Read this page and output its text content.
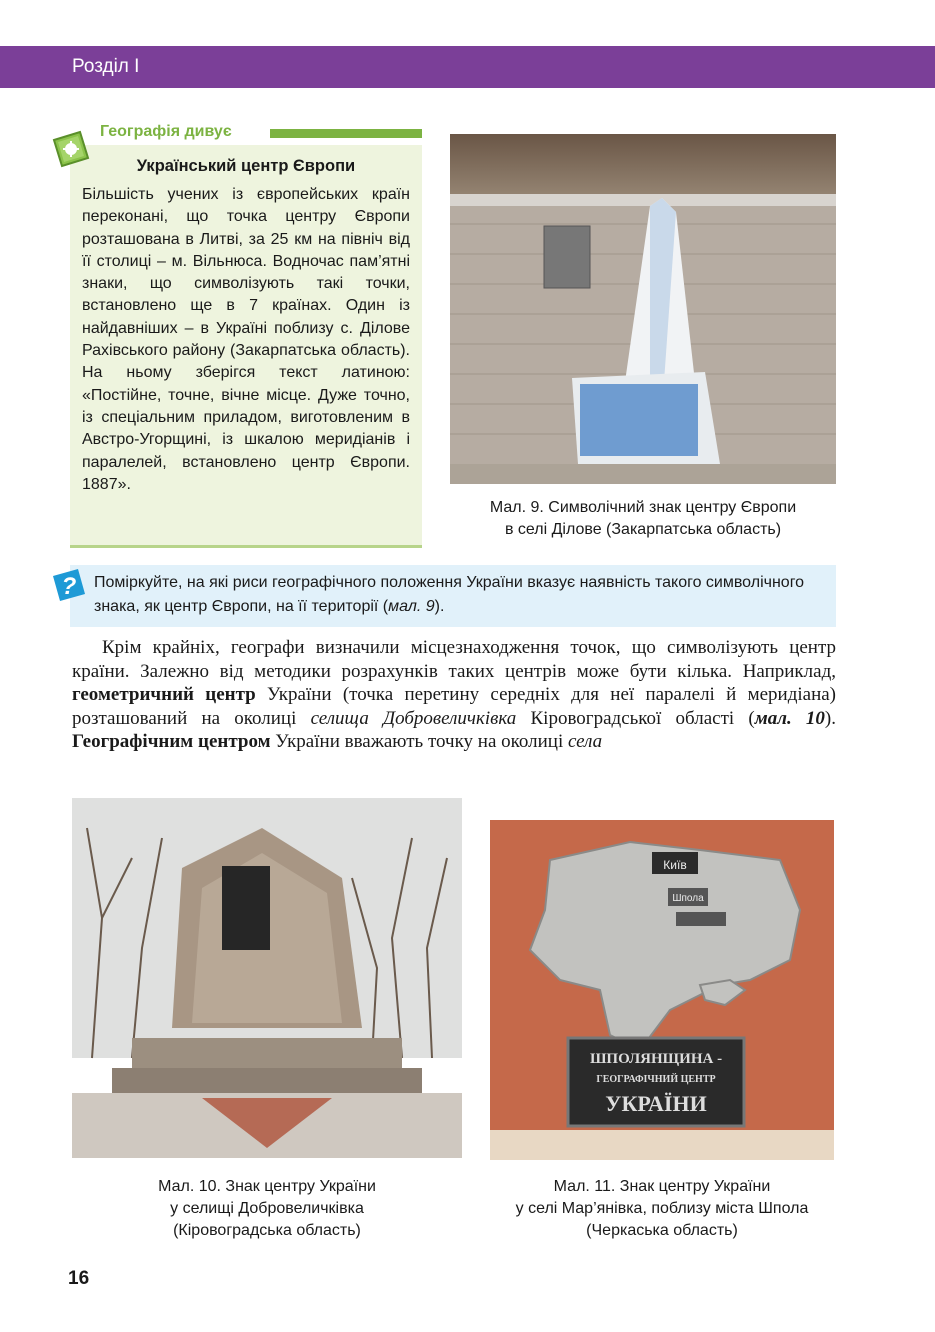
Розділ І
Географія дивує
Український центр Європи
Більшість учених із європейських країн переконані, що точка центру Європи розташована в Литві, за 25 км на північ від її столиці – м. Вільнюса. Водночас пам’ятні знаки, що символізують такі точки, встановлено ще в 7 країнах. Один із найдавніших – в Україні поблизу с. Ділове Рахівського району (Закарпатська область). На ньому зберігся текст латиною: «Постійне, точне, вічне місце. Дуже точно, із спеціальним приладом, виготовленим в Австро-Угорщині, із шкалою меридіанів і паралелей, встановлено центр Європи. 1887».
Мал. 9. Символічний знак центру Європи
в селі Ділове (Закарпатська область)
? Поміркуйте, на які риси географічного положення України вказує наявність такого символічного знака, як центр Європи, на її території (мал. 9).
Крім крайніх, географи визначили місцезнаходження точок, що символізують центр країни. Залежно від методики розрахунків таких центрів може бути кілька. Наприклад, геометричний центр України (точка перетину середніх для неї паралелі й меридіана) розташований на околиці селища Добровеличківка Кіровоградської області (мал. 10). Географічним центром України вважають точку на околиці села
Мал. 10. Знак центру України
у селищі Добровеличківка
(Кіровоградська область)
Київ
Шпола
ШПОЛЯНЩИНА -
ГЕОГРАФІЧНИЙ ЦЕНТР
УКРАЇНИ
Мал. 11. Знак центру України
у селі Мар’янівка, поблизу міста Шпола
(Черкаська область)
16
